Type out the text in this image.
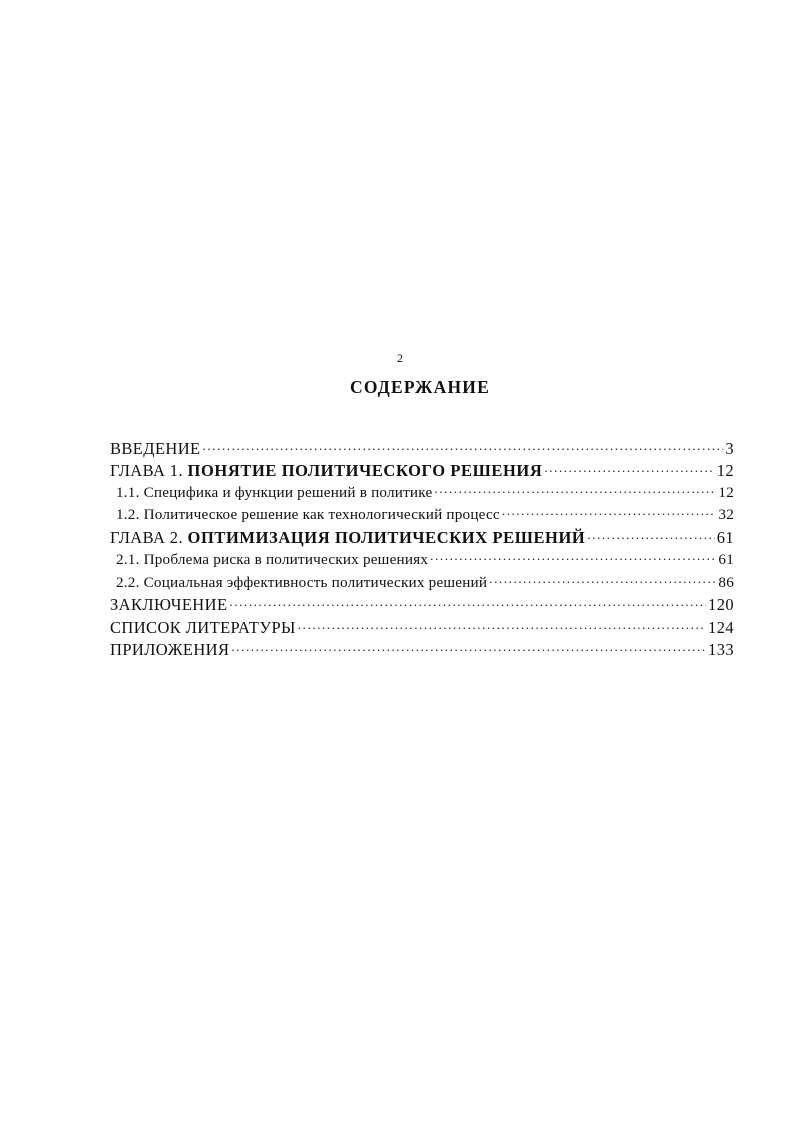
2
СОДЕРЖАНИЕ
ВВЕДЕНИЕ .....	3
ГЛАВА 1. ПОНЯТИЕ ПОЛИТИЧЕСКОГО РЕШЕНИЯ .....	12
1.1. Специфика и функции решений в политике .....	12
1.2. Политическое решение как технологический процесс .....	32
ГЛАВА 2. ОПТИМИЗАЦИЯ ПОЛИТИЧЕСКИХ РЕШЕНИЙ .....	61
2.1. Проблема риска в политических решениях .....	61
2.2. Социальная эффективность политических решений .....	86
ЗАКЛЮЧЕНИЕ .....	120
СПИСОК ЛИТЕРАТУРЫ .....	124
ПРИЛОЖЕНИЯ .....	133
